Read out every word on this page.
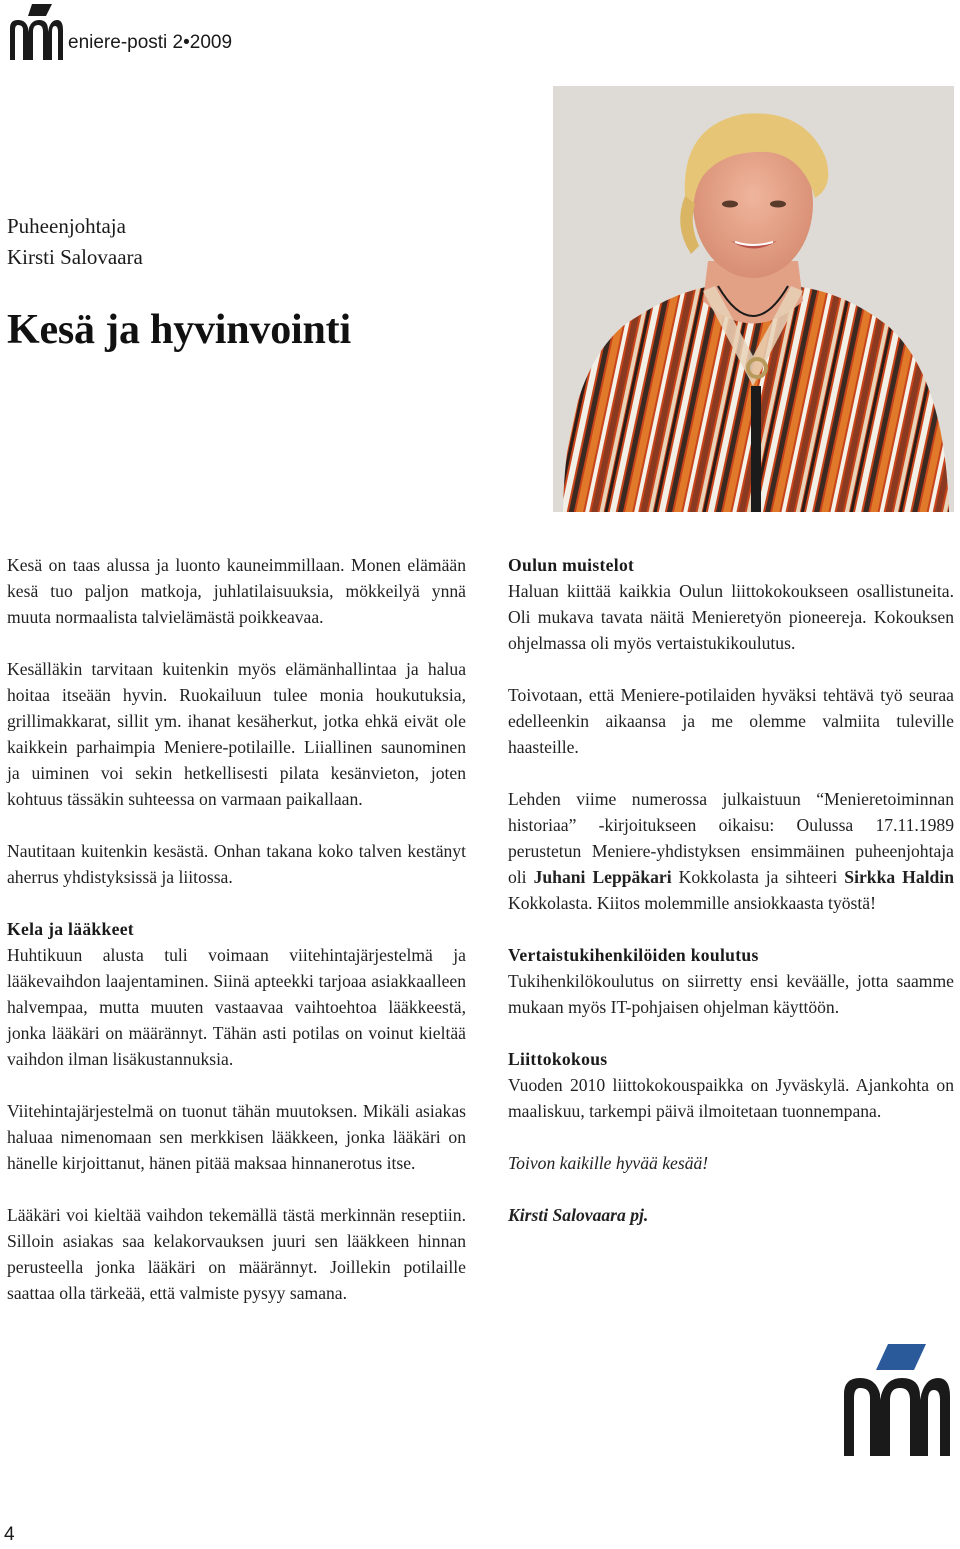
eniere-posti 2•2009
Puheenjohtaja
Kirsti Salovaara
Kesä ja hyvinvointi

Kesä on taas alussa ja luonto kauneimmillaan. Monen elämään kesä tuo paljon matkoja, juhlatilaisuuksia, mökkeilyä ynnä muuta normaalista talvielämästä poikkeavaa.

Kesälläkin tarvitaan kuitenkin myös elämänhallintaa ja halua hoitaa itseään hyvin. Ruokailuun tulee monia houkutuksia, grillimakkarat, sillit ym. ihanat kesäherkut, jotka ehkä eivät ole kaikkein parhaimpia Meniere-potilaille. Liiallinen saunominen ja uiminen voi sekin hetkellisesti pilata kesänvieton, joten kohtuus tässäkin suhteessa on varmaan paikallaan.

Nautitaan kuitenkin kesästä. Onhan takana koko talven kestänyt aherrus yhdistyksissä ja liitossa.

Kela ja lääkkeet

Huhtikuun alusta tuli voimaan viitehintajärjestelmä ja lääkevaihdon laajentaminen. Siinä apteekki tarjoaa asiakkaalleen halvempaa, mutta muuten vastaavaa vaihtoehtoa lääkkeestä, jonka lääkäri on määrännyt. Tähän asti potilas on voinut kieltää vaihdon ilman lisäkustannuksia.

Viitehintajärjestelmä on tuonut tähän muutoksen. Mikäli asiakas haluaa nimenomaan sen merkkisen lääkkeen, jonka lääkäri on hänelle kirjoittanut, hänen pitää maksaa hinnanerotus itse.

Lääkäri voi kieltää vaihdon tekemällä tästä merkinnän reseptiin. Silloin asiakas saa kelakorvauksen juuri sen lääkkeen hinnan perusteella jonka lääkäri on määrännyt. Joillekin potilaille saattaa olla tärkeää, että valmiste pysyy samana.

Oulun muistelot

Haluan kiittää kaikkia Oulun liittokokoukseen osallistuneita. Oli mukava tavata näitä Menieretyön pioneereja. Kokouksen ohjelmassa oli myös vertaistukikoulutus.

Toivotaan, että Meniere-potilaiden hyväksi tehtävä työ seuraa edelleenkin aikaansa ja me olemme valmiita tuleville haasteille.

Lehden viime numerossa julkaistuun “Menieretoiminnan historiaa” -kirjoitukseen oikaisu: Oulussa 17.11.1989 perustetun Meniere-yhdistyksen ensimmäinen puheenjohtaja oli Juhani Leppäkari Kokkolasta ja sihteeri Sirkka Haldin Kokkolasta. Kiitos molemmille ansiokkaasta työstä!

Vertaistukihenkilöiden koulutus

Tukihenkilökoulutus on siirretty ensi keväälle, jotta saamme mukaan myös IT-pohjaisen ohjelman käyttöön.

Liittokokous

Vuoden 2010 liittokokouspaikka on Jyväskylä. Ajankohta on maaliskuu, tarkempi päivä ilmoitetaan tuonnempana.

Toivon kaikille hyvää kesää!

Kirsti Salovaara pj.

4
